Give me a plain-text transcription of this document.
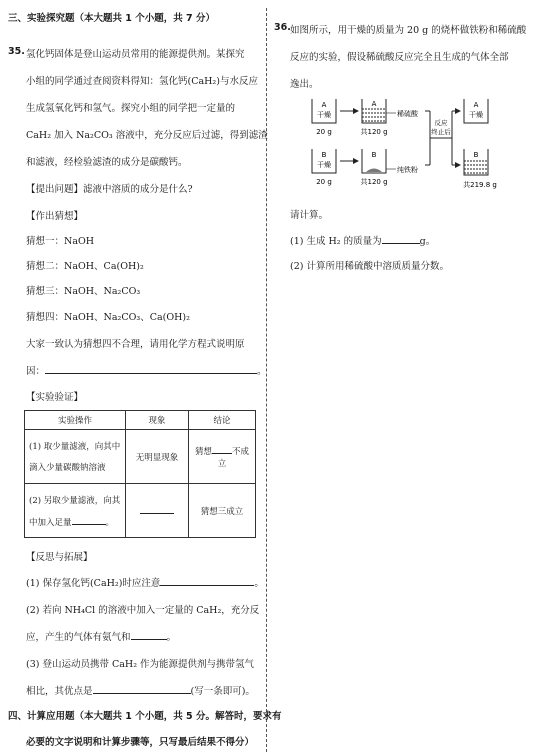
三、实验探究题（本大题共 1 个小题，共 7 分）
35. 氢化钙固体是登山运动员常用的能源提供剂。某探究
小组的同学通过查阅资料得知：氢化钙(CaH₂)与水反应
生成氢氧化钙和氢气。探究小组的同学把一定量的
CaH₂ 加入 Na₂CO₃ 溶液中，充分反应后过滤，得到滤渣
和滤液，经检验滤渣的成分是碳酸钙。
【提出问题】滤液中溶质的成分是什么?
【作出猜想】
猜想一：NaOH
猜想二：NaOH、Ca(OH)₂
猜想三：NaOH、Na₂CO₃
猜想四：NaOH、Na₂CO₃、Ca(OH)₂
大家一致认为猜想四不合理，请用化学方程式说明原
因：	。
【实验验证】
实验操作	现象	结论

(1) 取少量滤液，向其中
滴入少量碳酸钠溶液	无明显现象	猜想 不成立

(2) 另取少量滤液，向其
中加入足量 。		猜想三成立
【反思与拓展】
(1) 保存氢化钙(CaH₂)时应注意	。
(2) 若向 NH₄Cl 的溶液中加入一定量的 CaH₂，充分反
应，产生的气体有氨气和	。
(3) 登山运动员携带 CaH₂ 作为能源提供剂与携带氢气
相比，其优点是	(写一条即可)。
四、计算应用题（本大题共 1 个小题，共 5 分。解答时，要求有
必要的文字说明和计算步骤等，只写最后结果不得分）
36. 如图所示，用干燥的质量为 20 g 的烧杯做铁粉和稀硫酸
反应的实验，假设稀硫酸反应完全且生成的气体全部
逸出。
A
干燥
20 g
A
共120 g
稀硫酸
B
干燥
20 g
B
共120 g
纯铁粉
反应
终止后
A
干燥
B
共219.8 g
请计算。
(1) 生成 H₂ 的质量为	g。
(2) 计算所用稀硫酸中溶质质量分数。
